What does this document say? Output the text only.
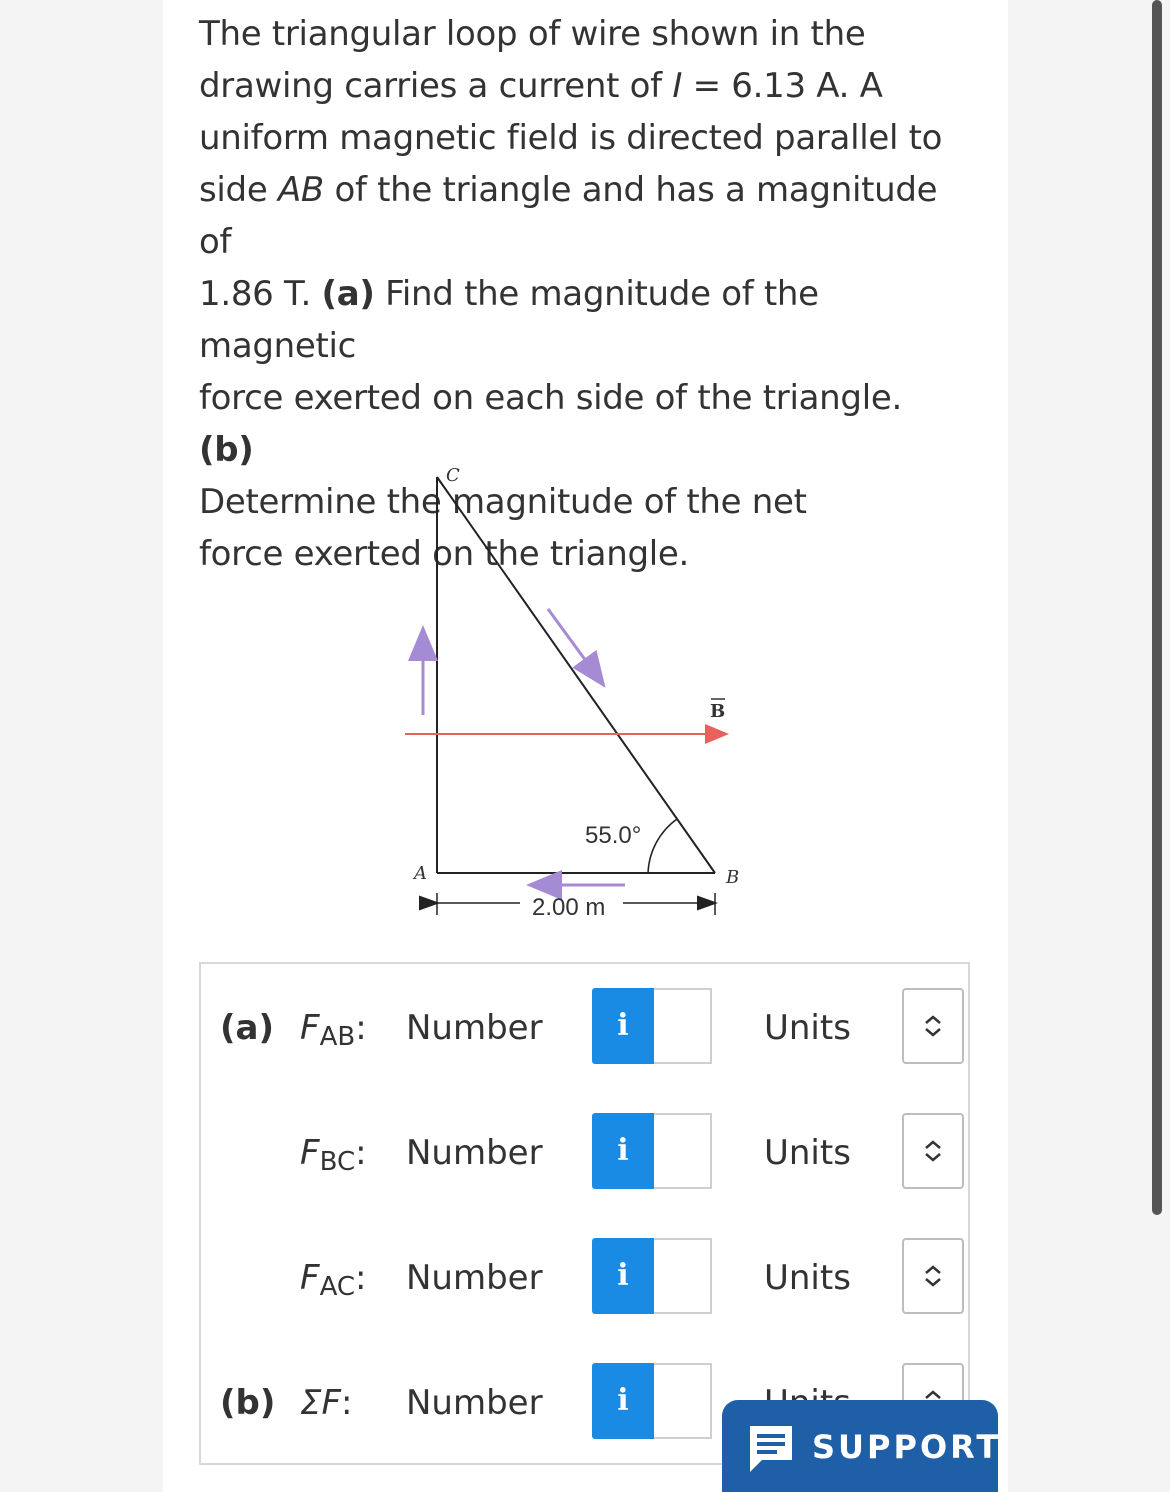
The triangular loop of wire shown in the
drawing carries a current of I = 6.13 A. A
uniform magnetic field is directed parallel to
side AB of the triangle and has a magnitude of
1.86 T. (a) Find the magnitude of the magnetic
force exerted on each side of the triangle. (b)
Determine the magnitude of the net
force exerted on the triangle.
C
A	B
B
55.0°
2.00 m
(a)
(b)
$F_{AB}$: Number	i	Units
$F_{BC}$: Number	i	Units
$F_{AC}$: Number	i	Units
ΣF: Number	i
SUPPORT
